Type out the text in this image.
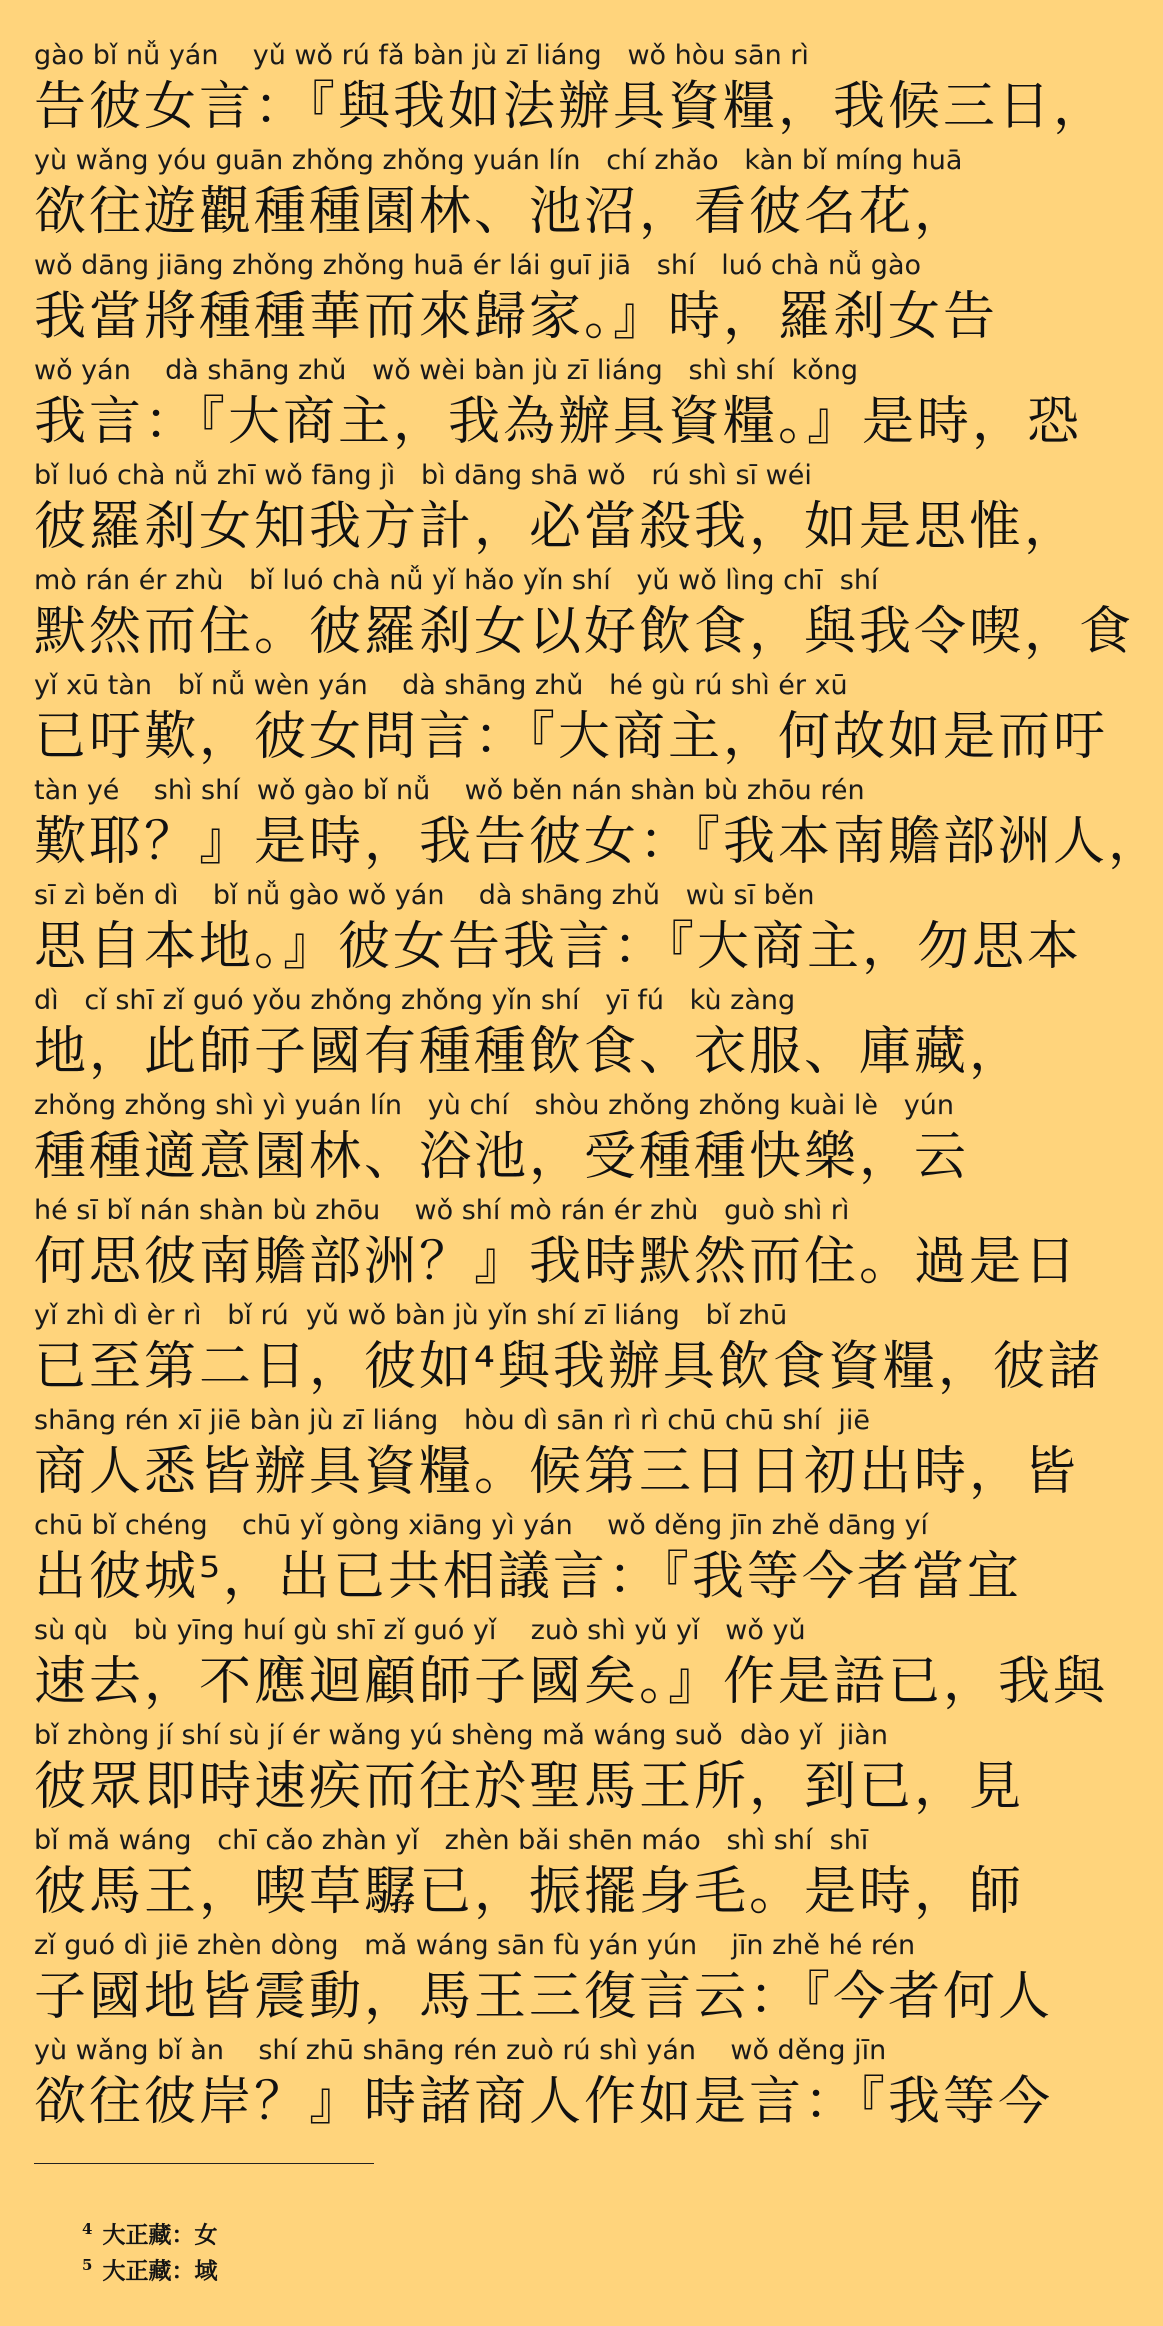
gào bǐ nǚ yán    yǔ wǒ rú fǎ bàn jù zī liáng   wǒ hòu sān rì
告彼女言：『與我如法辦具資糧，我候三日，
yù wǎng yóu guān zhǒng zhǒng yuán lín   chí zhǎo   kàn bǐ míng huā
欲往遊觀種種園林、池沼，看彼名花，
wǒ dāng jiāng zhǒng zhǒng huā ér lái guī jiā   shí   luó chà nǚ gào
我當將種種華而來歸家。』時，羅刹女告
wǒ yán    dà shāng zhǔ   wǒ wèi bàn jù zī liáng   shì shí  kǒng
我言：『大商主，我為辦具資糧。』是時，恐
bǐ luó chà nǚ zhī wǒ fāng jì   bì dāng shā wǒ   rú shì sī wéi
彼羅刹女知我方計，必當殺我，如是思惟，
mò rán ér zhù   bǐ luó chà nǚ yǐ hǎo yǐn shí   yǔ wǒ lìng chī  shí
默然而住。彼羅刹女以好飲食，與我令喫，食
yǐ xū tàn   bǐ nǚ wèn yán    dà shāng zhǔ   hé gù rú shì ér xū
已吁歎，彼女問言：『大商主，何故如是而吁
tàn yé    shì shí  wǒ gào bǐ nǚ    wǒ běn nán shàn bù zhōu rén
歎耶？』是時，我告彼女：『我本南贍部洲人，
sī zì běn dì    bǐ nǚ gào wǒ yán    dà shāng zhǔ   wù sī běn
思自本地。』彼女告我言：『大商主，勿思本
dì   cǐ shī zǐ guó yǒu zhǒng zhǒng yǐn shí   yī fú   kù zàng
地，此師子國有種種飲食、衣服、庫藏，
zhǒng zhǒng shì yì yuán lín   yù chí   shòu zhǒng zhǒng kuài lè   yún
種種適意園林、浴池，受種種快樂，云
hé sī bǐ nán shàn bù zhōu    wǒ shí mò rán ér zhù   guò shì rì
何思彼南贍部洲？』我時默然而住。過是日
yǐ zhì dì èr rì   bǐ rú  yǔ wǒ bàn jù yǐn shí zī liáng   bǐ zhū
已至第二日，彼如⁴與我辦具飲食資糧，彼諸
shāng rén xī jiē bàn jù zī liáng   hòu dì sān rì rì chū chū shí  jiē
商人悉皆辦具資糧。候第三日日初出時，皆
chū bǐ chéng    chū yǐ gòng xiāng yì yán    wǒ děng jīn zhě dāng yí
出彼城⁵，出已共相議言：『我等今者當宜
sù qù   bù yīng huí gù shī zǐ guó yǐ    zuò shì yǔ yǐ   wǒ yǔ
速去，不應迴顧師子國矣。』作是語已，我與
bǐ zhòng jí shí sù jí ér wǎng yú shèng mǎ wáng suǒ  dào yǐ  jiàn
彼眾即時速疾而往於聖馬王所，到已，見
bǐ mǎ wáng   chī cǎo zhàn yǐ   zhèn bǎi shēn máo   shì shí  shī
彼馬王，喫草驏已，振擺身毛。是時，師
zǐ guó dì jiē zhèn dòng   mǎ wáng sān fù yán yún    jīn zhě hé rén
子國地皆震動，馬王三復言云：『今者何人
yù wǎng bǐ àn    shí zhū shāng rén zuò rú shì yán    wǒ děng jīn
欲往彼岸？』時諸商人作如是言：『我等今

$^4$ 大正藏：女

$^5$ 大正藏：域
